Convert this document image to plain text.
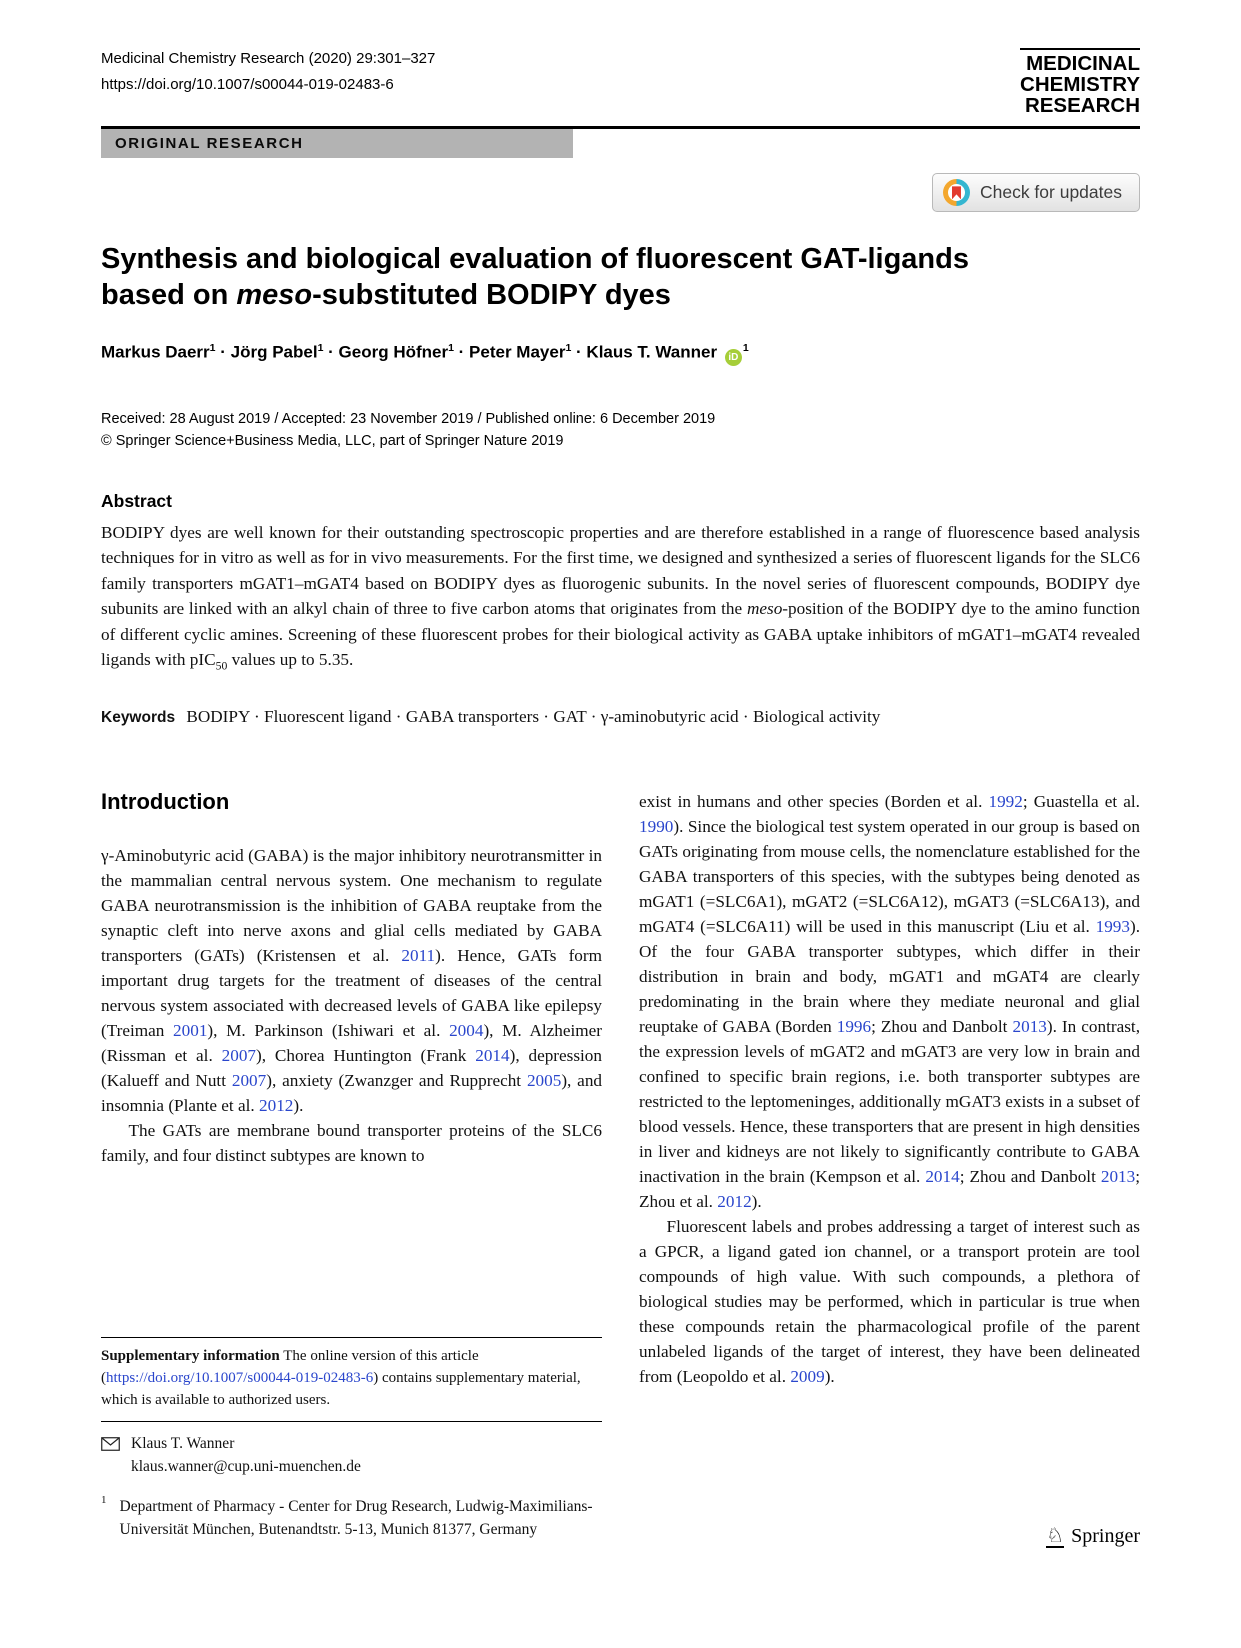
Medicinal Chemistry Research (2020) 29:301–327
https://doi.org/10.1007/s00044-019-02483-6
MEDICINAL
CHEMISTRY
RESEARCH
ORIGINAL RESEARCH
Check for updates
Synthesis and biological evaluation of fluorescent GAT-ligands
based on meso-substituted BODIPY dyes
Markus Daerr$^1$ · Jörg Pabel$^1$ · Georg Höfner$^1$ · Peter Mayer$^1$ · Klaus T. Wanner $iD^1$
Received: 28 August 2019 / Accepted: 23 November 2019 / Published online: 6 December 2019
© Springer Science+Business Media, LLC, part of Springer Nature 2019
Abstract

BODIPY dyes are well known for their outstanding spectroscopic properties and are therefore established in a range of fluorescence based analysis techniques for in vitro as well as for in vivo measurements. For the first time, we designed and synthesized a series of fluorescent ligands for the SLC6 family transporters mGAT1–mGAT4 based on BODIPY dyes as fluorogenic subunits. In the novel series of fluorescent compounds, BODIPY dye subunits are linked with an alkyl chain of three to five carbon atoms that originates from the meso-position of the BODIPY dye to the amino function of different cyclic amines. Screening of these fluorescent probes for their biological activity as GABA uptake inhibitors of mGAT1–mGAT4 revealed ligands with pIC$_{50}$ values up to 5.35.

Keywords BODIPY · Fluorescent ligand · GABA transporters · GAT · γ-aminobutyric acid · Biological activity

Introduction

γ-Aminobutyric acid (GABA) is the major inhibitory neurotransmitter in the mammalian central nervous system. One mechanism to regulate GABA neurotransmission is the inhibition of GABA reuptake from the synaptic cleft into nerve axons and glial cells mediated by GABA transporters (GATs) (Kristensen et al. 2011). Hence, GATs form important drug targets for the treatment of diseases of the central nervous system associated with decreased levels of GABA like epilepsy (Treiman 2001), M. Parkinson (Ishiwari et al. 2004), M. Alzheimer (Rissman et al. 2007), Chorea Huntington (Frank 2014), depression (Kalueff and Nutt 2007), anxiety (Zwanzger and Rupprecht 2005), and insomnia (Plante et al. 2012).

The GATs are membrane bound transporter proteins of the SLC6 family, and four distinct subtypes are known to

Supplementary information The online version of this article (https://doi.org/10.1007/s00044-019-02483-6) contains supplementary material, which is available to authorized users.

Klaus T. Wanner
klaus.wanner@cup.uni-muenchen.de
1 Department of Pharmacy - Center for Drug Research, Ludwig-Maximilians-Universität München, Butenandtstr. 5-13, Munich 81377, Germany

exist in humans and other species (Borden et al. 1992; Guastella et al. 1990). Since the biological test system operated in our group is based on GATs originating from mouse cells, the nomenclature established for the GABA transporters of this species, with the subtypes being denoted as mGAT1 (=SLC6A1), mGAT2 (=SLC6A12), mGAT3 (=SLC6A13), and mGAT4 (=SLC6A11) will be used in this manuscript (Liu et al. 1993). Of the four GABA transporter subtypes, which differ in their distribution in brain and body, mGAT1 and mGAT4 are clearly predominating in the brain where they mediate neuronal and glial reuptake of GABA (Borden 1996; Zhou and Danbolt 2013). In contrast, the expression levels of mGAT2 and mGAT3 are very low in brain and confined to specific brain regions, i.e. both transporter subtypes are restricted to the leptomeninges, additionally mGAT3 exists in a subset of blood vessels. Hence, these transporters that are present in high densities in liver and kidneys are not likely to significantly contribute to GABA inactivation in the brain (Kempson et al. 2014; Zhou and Danbolt 2013; Zhou et al. 2012).

Fluorescent labels and probes addressing a target of interest such as a GPCR, a ligand gated ion channel, or a transport protein are tool compounds of high value. With such compounds, a plethora of biological studies may be performed, which in particular is true when these compounds retain the pharmacological profile of the parent unlabeled ligands of the target of interest, they have been delineated from (Leopoldo et al. 2009).

♘ Springer
